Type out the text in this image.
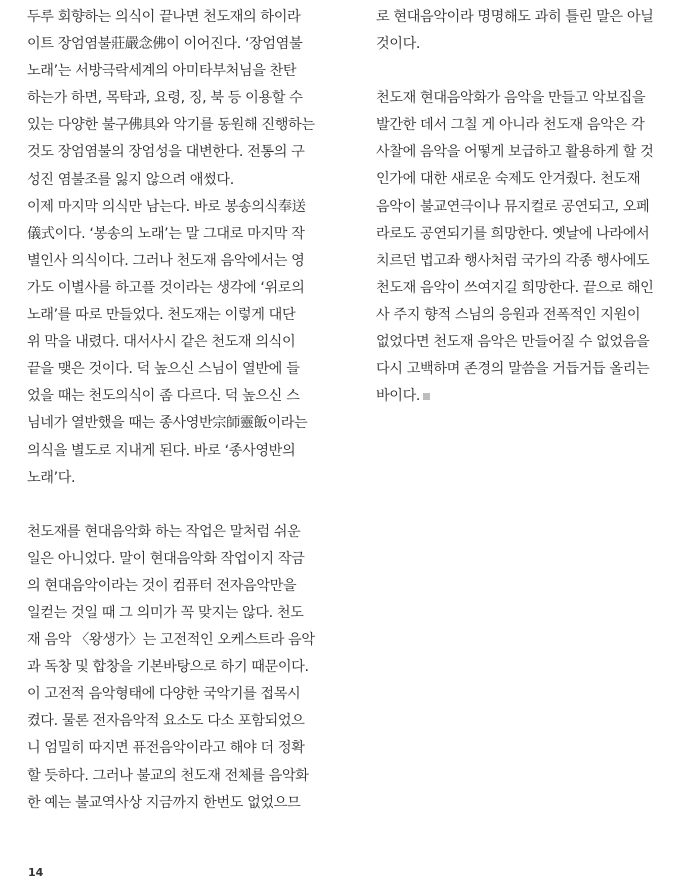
두루 회향하는 의식이 끝나면 천도재의 하이라
이트 장엄염불莊嚴念佛이 이어진다. ‘장엄염불
노래’는 서방극락세계의 아미타부처님을 찬탄
하는가 하면, 목탁과, 요령, 징, 북 등 이용할 수
있는 다양한 불구佛具와 악기를 동원해 진행하는
것도 장엄염불의 장엄성을 대변한다. 전통의 구
성진 염불조를 잃지 않으려 애썼다.

이제 마지막 의식만 남는다. 바로 봉송의식奉送
儀式이다. ‘봉송의 노래’는 말 그대로 마지막 작
별인사 의식이다. 그러나 천도재 음악에서는 영
가도 이별사를 하고플 것이라는 생각에 ‘위로의
노래’를 따로 만들었다. 천도재는 이렇게 대단
위 막을 내렸다. 대서사시 같은 천도재 의식이
끝을 맺은 것이다. 덕 높으신 스님이 열반에 들
었을 때는 천도의식이 좀 다르다. 덕 높으신 스
님네가 열반했을 때는 종사영반宗師靈飯이라는
의식을 별도로 지내게 된다. 바로 ‘종사영반의
노래’다.

천도재를 현대음악화 하는 작업은 말처럼 쉬운
일은 아니었다. 말이 현대음악화 작업이지 작금
의 현대음악이라는 것이 컴퓨터 전자음악만을
일컫는 것일 때 그 의미가 꼭 맞지는 않다. 천도
재 음악 〈왕생가〉는 고전적인 오케스트라 음악
과 독창 및 합창을 기본바탕으로 하기 때문이다.
이 고전적 음악형태에 다양한 국악기를 접목시
켰다. 물론 전자음악적 요소도 다소 포함되었으
니 엄밀히 따지면 퓨전음악이라고 해야 더 정확
할 듯하다. 그러나 불교의 천도재 전체를 음악화
한 예는 불교역사상 지금까지 한번도 없었으므

로 현대음악이라 명명해도 과히 틀린 말은 아닐
것이다.

천도재 현대음악화가 음악을 만들고 악보집을
발간한 데서 그칠 게 아니라 천도재 음악은 각
사찰에 음악을 어떻게 보급하고 활용하게 할 것
인가에 대한 새로운 숙제도 안겨줬다. 천도재
음악이 불교연극이나 뮤지컬로 공연되고, 오페
라로도 공연되기를 희망한다. 옛날에 나라에서
치르던 법고좌 행사처럼 국가의 각종 행사에도
천도재 음악이 쓰여지길 희망한다. 끝으로 해인
사 주지 향적 스님의 응원과 전폭적인 지원이
없었다면 천도재 음악은 만들어질 수 없었음을
다시 고백하며 존경의 말씀을 거듭거듭 올리는
바이다.

14
